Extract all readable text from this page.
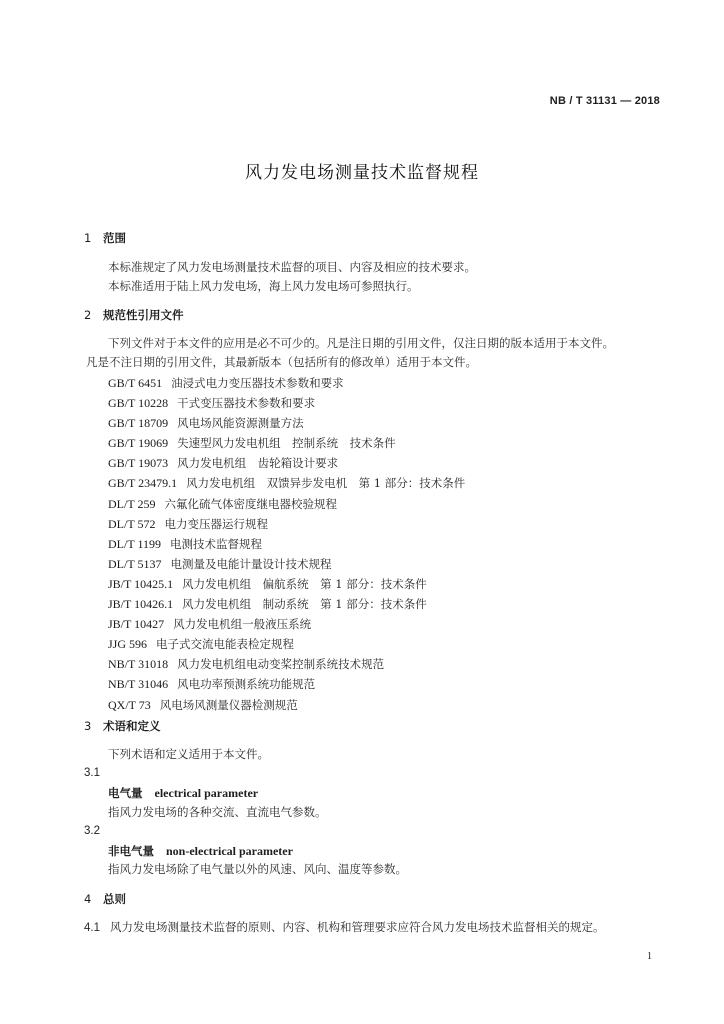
NB / T 31131 — 2018
风力发电场测量技术监督规程
1 范围
本标准规定了风力发电场测量技术监督的项目、内容及相应的技术要求。
本标准适用于陆上风力发电场，海上风力发电场可参照执行。
2 规范性引用文件
下列文件对于本文件的应用是必不可少的。凡是注日期的引用文件，仅注日期的版本适用于本文件。
凡是不注日期的引用文件，其最新版本（包括所有的修改单）适用于本文件。
GB/T 6451 油浸式电力变压器技术参数和要求
GB/T 10228 干式变压器技术参数和要求
GB/T 18709 风电场风能资源测量方法
GB/T 19069 失速型风力发电机组　控制系统　技术条件
GB/T 19073 风力发电机组　齿轮箱设计要求
GB/T 23479.1 风力发电机组　双馈异步发电机　第 1 部分：技术条件
DL/T 259 六氟化硫气体密度继电器校验规程
DL/T 572 电力变压器运行规程
DL/T 1199 电测技术监督规程
DL/T 5137 电测量及电能计量设计技术规程
JB/T 10425.1 风力发电机组　偏航系统　第 1 部分：技术条件
JB/T 10426.1 风力发电机组　制动系统　第 1 部分：技术条件
JB/T 10427 风力发电机组一般液压系统
JJG 596 电子式交流电能表检定规程
NB/T 31018 风力发电机组电动变桨控制系统技术规范
NB/T 31046 风电功率预测系统功能规范
QX/T 73 风电场风测量仪器检测规范
3 术语和定义
下列术语和定义适用于本文件。
3.1
电气量 electrical parameter
指风力发电场的各种交流、直流电气参数。
3.2
非电气量 non-electrical parameter
指风力发电场除了电气量以外的风速、风向、温度等参数。
4 总则
4.1 风力发电场测量技术监督的原则、内容、机构和管理要求应符合风力发电场技术监督相关的规定。
1
